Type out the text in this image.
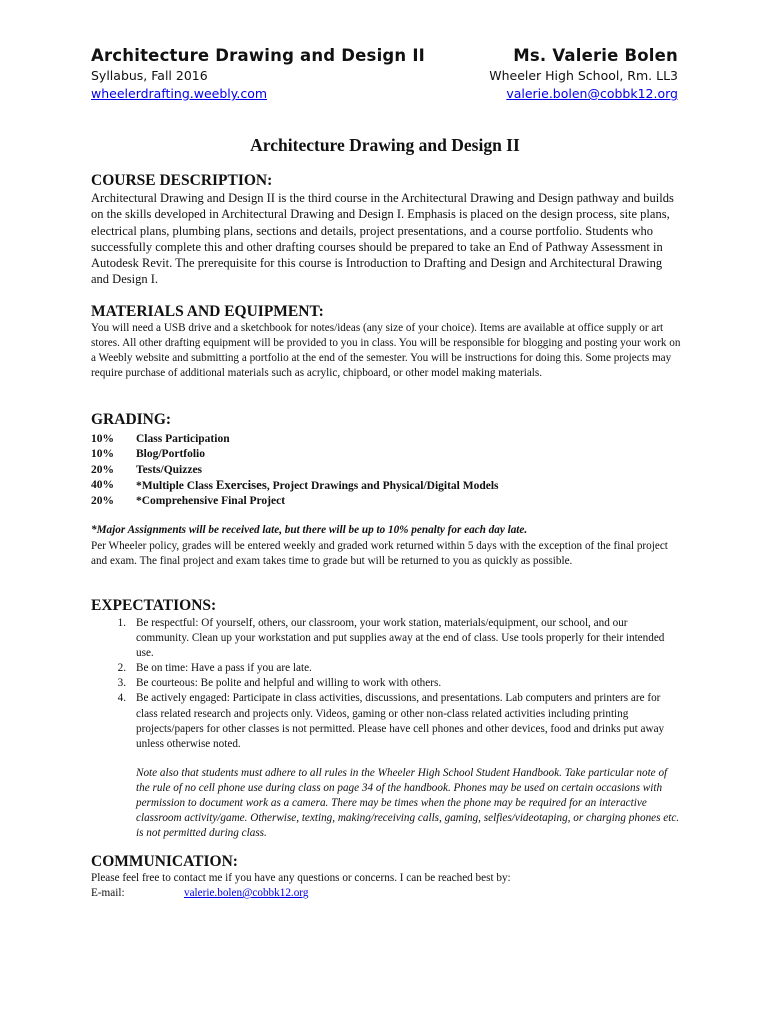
Architecture Drawing and Design II
Syllabus, Fall 2016
wheelerdrafting.weebly.com
Ms. Valerie Bolen
Wheeler High School, Rm. LL3
valerie.bolen@cobbk12.org
Architecture Drawing and Design II
COURSE DESCRIPTION:

Architectural Drawing and Design II is the third course in the Architectural Drawing and Design pathway and builds on the skills developed in Architectural Drawing and Design I. Emphasis is placed on the design process, site plans, electrical plans, plumbing plans, sections and details, project presentations, and a course portfolio. Students who successfully complete this and other drafting courses should be prepared to take an End of Pathway Assessment in Autodesk Revit. The prerequisite for this course is Introduction to Drafting and Design and Architectural Drawing and Design I.

MATERIALS AND EQUIPMENT:

You will need a USB drive and a sketchbook for notes/ideas (any size of your choice). Items are available at office supply or art stores. All other drafting equipment will be provided to you in class. You will be responsible for blogging and posting your work on a Weebly website and submitting a portfolio at the end of the semester. You will be instructions for doing this. Some projects may require purchase of additional materials such as acrylic, chipboard, or other model making materials.

GRADING:
10%	Class Participation
10%	Blog/Portfolio
20%	Tests/Quizzes
40%	*Multiple Class Exercises, Project Drawings and Physical/Digital Models
20%	*Comprehensive Final Project

*Major Assignments will be received late, but there will be up to 10% penalty for each day late.

Per Wheeler policy, grades will be entered weekly and graded work returned within 5 days with the exception of the final project and exam. The final project and exam takes time to grade but will be returned to you as quickly as possible.

EXPECTATIONS:
1. Be respectful: Of yourself, others, our classroom, your work station, materials/equipment, our school, and our community. Clean up your workstation and put supplies away at the end of class. Use tools properly for their intended use.
2. Be on time: Have a pass if you are late.
3. Be courteous: Be polite and helpful and willing to work with others.
4. Be actively engaged: Participate in class activities, discussions, and presentations. Lab computers and printers are for class related research and projects only. Videos, gaming or other non-class related activities including printing projects/papers for other classes is not permitted. Please have cell phones and other devices, food and drinks put away unless otherwise noted.

Note also that students must adhere to all rules in the Wheeler High School Student Handbook. Take particular note of the rule of no cell phone use during class on page 34 of the handbook. Phones may be used on certain occasions with permission to document work as a camera. There may be times when the phone may be required for an interactive classroom activity/game. Otherwise, texting, making/receiving calls, gaming, selfies/videotaping, or charging phones etc. is not permitted during class.

COMMUNICATION:

Please feel free to contact me if you have any questions or concerns. I can be reached best by:

E-mail:	valerie.bolen@cobbk12.org
